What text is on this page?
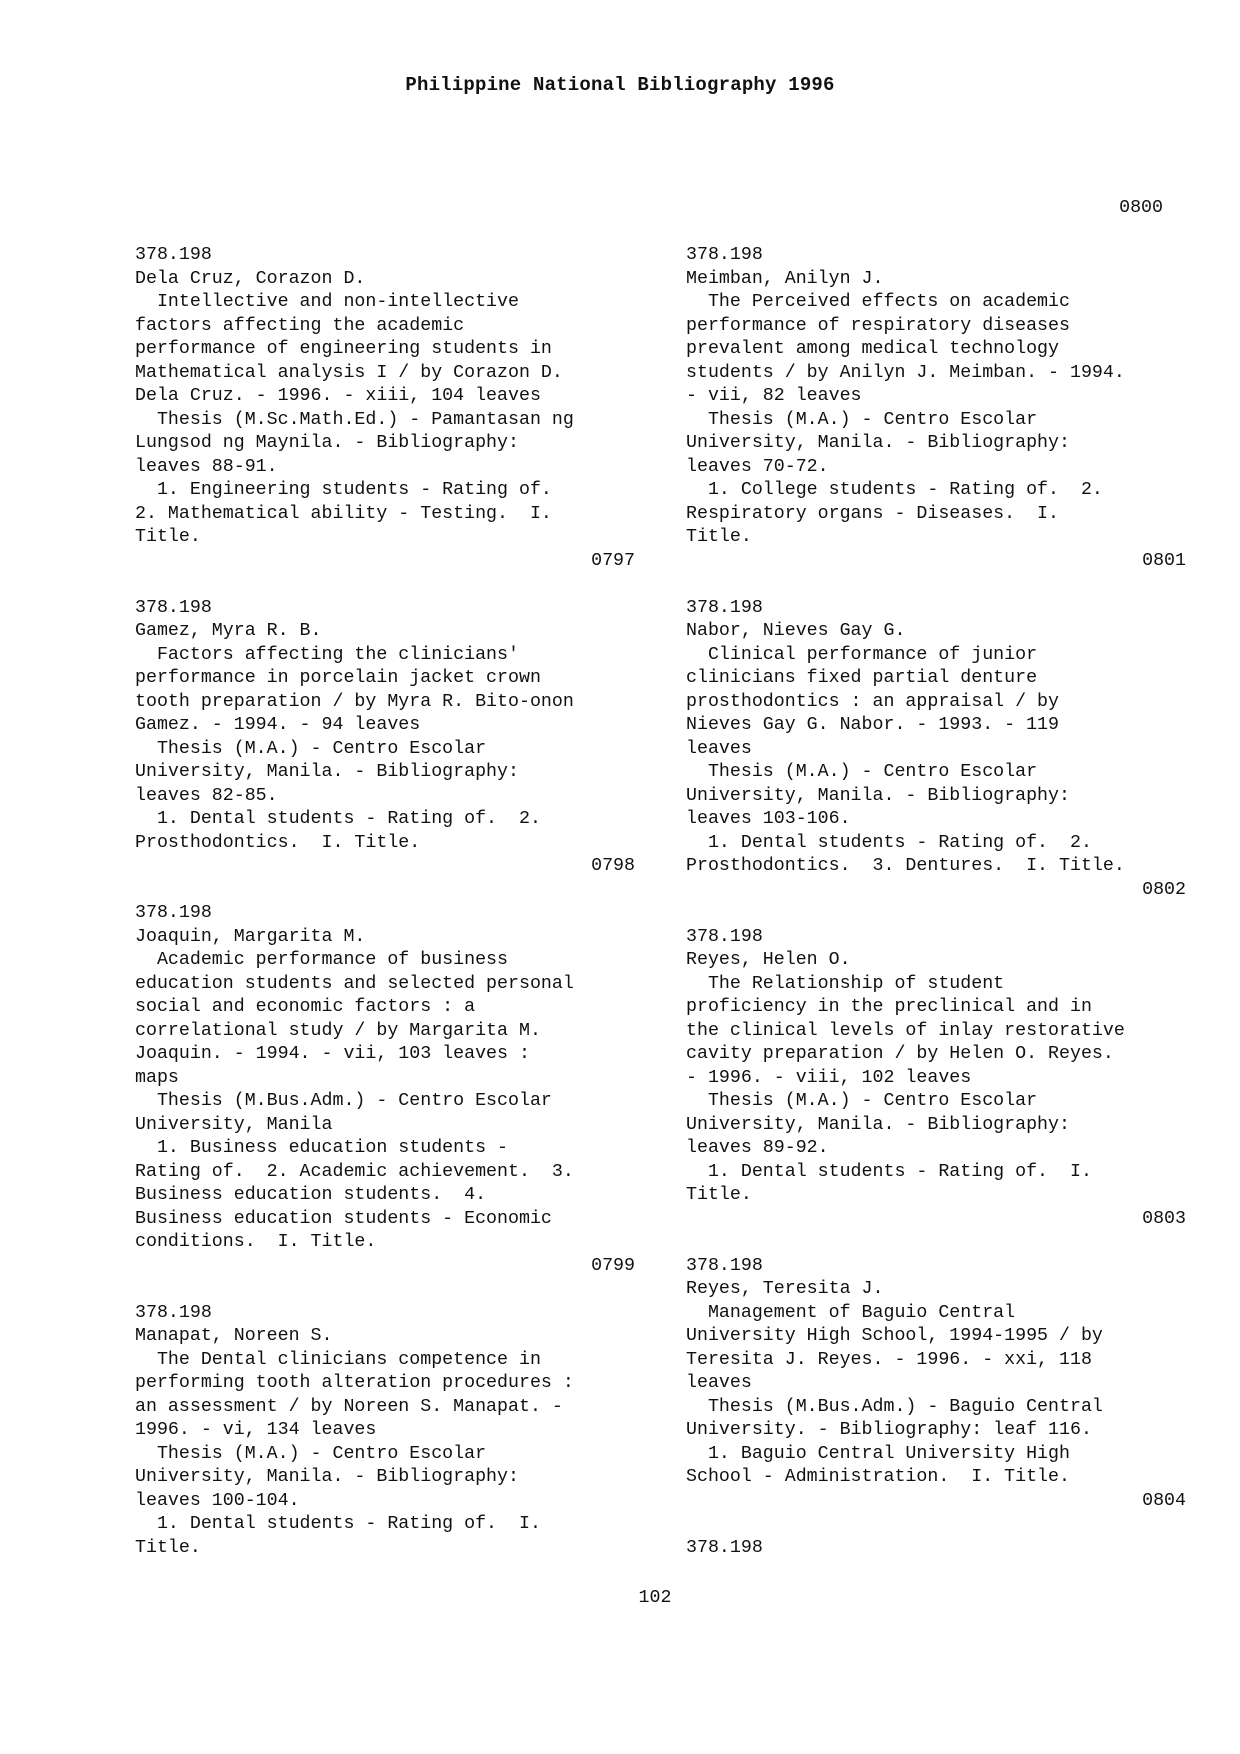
Philippine National Bibliography 1996
0800
378.198
Dela Cruz, Corazon D.
Intellective and non-intellective
factors affecting the academic
performance of engineering students in
Mathematical analysis I / by Corazon D.
Dela Cruz. - 1996. - xiii, 104 leaves
Thesis (M.Sc.Math.Ed.) - Pamantasan ng
Lungsod ng Maynila. - Bibliography:
leaves 88-91.
1. Engineering students - Rating of.
2. Mathematical ability - Testing.  I.
Title.
0797
378.198
Gamez, Myra R. B.
Factors affecting the clinicians'
performance in porcelain jacket crown
tooth preparation / by Myra R. Bito-onon
Gamez. - 1994. - 94 leaves
Thesis (M.A.) - Centro Escolar
University, Manila. - Bibliography:
leaves 82-85.
1. Dental students - Rating of.  2.
Prosthodontics.  I. Title.
0798
378.198
Joaquin, Margarita M.
Academic performance of business
education students and selected personal
social and economic factors : a
correlational study / by Margarita M.
Joaquin. - 1994. - vii, 103 leaves :
maps
Thesis (M.Bus.Adm.) - Centro Escolar
University, Manila
1. Business education students -
Rating of.  2. Academic achievement.  3.
Business education students.  4.
Business education students - Economic
conditions.  I. Title.
0799
378.198
Manapat, Noreen S.
The Dental clinicians competence in
performing tooth alteration procedures :
an assessment / by Noreen S. Manapat. -
1996. - vi, 134 leaves
Thesis (M.A.) - Centro Escolar
University, Manila. - Bibliography:
leaves 100-104.
1. Dental students - Rating of.  I.
Title.
378.198
Meimban, Anilyn J.
The Perceived effects on academic
performance of respiratory diseases
prevalent among medical technology
students / by Anilyn J. Meimban. - 1994.
- vii, 82 leaves
Thesis (M.A.) - Centro Escolar
University, Manila. - Bibliography:
leaves 70-72.
1. College students - Rating of.  2.
Respiratory organs - Diseases.  I.
Title.
0801
378.198
Nabor, Nieves Gay G.
Clinical performance of junior
clinicians fixed partial denture
prosthodontics : an appraisal / by
Nieves Gay G. Nabor. - 1993. - 119
leaves
Thesis (M.A.) - Centro Escolar
University, Manila. - Bibliography:
leaves 103-106.
1. Dental students - Rating of.  2.
Prosthodontics.  3. Dentures.  I. Title.
0802
378.198
Reyes, Helen O.
The Relationship of student
proficiency in the preclinical and in
the clinical levels of inlay restorative
cavity preparation / by Helen O. Reyes.
- 1996. - viii, 102 leaves
Thesis (M.A.) - Centro Escolar
University, Manila. - Bibliography:
leaves 89-92.
1. Dental students - Rating of.  I.
Title.
0803
378.198
Reyes, Teresita J.
Management of Baguio Central
University High School, 1994-1995 / by
Teresita J. Reyes. - 1996. - xxi, 118
leaves
Thesis (M.Bus.Adm.) - Baguio Central
University. - Bibliography: leaf 116.
1. Baguio Central University High
School - Administration.  I. Title.
0804
378.198
102
